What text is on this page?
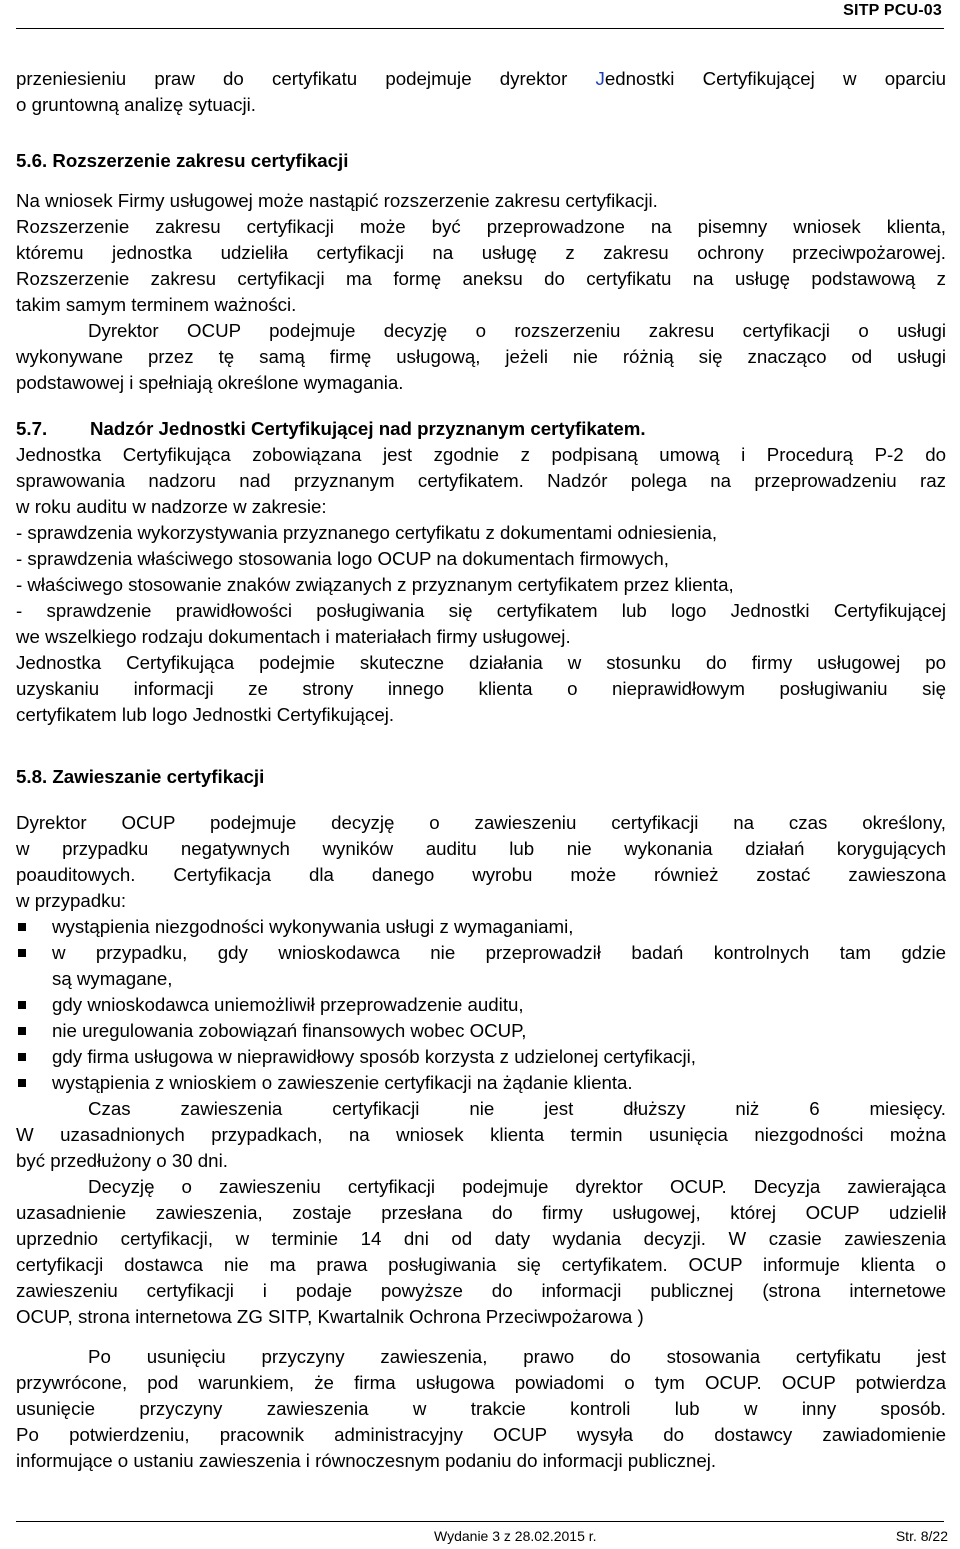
SITP PCU-03
przeniesieniu praw do certyfikatu podejmuje dyrektor Jednostki Certyfikującej w oparciu
o gruntowną analizę sytuacji.
5.6. Rozszerzenie zakresu certyfikacji
Na wniosek Firmy usługowej może nastąpić rozszerzenie zakresu certyfikacji.
Rozszerzenie zakresu certyfikacji może być przeprowadzone na pisemny wniosek klienta,
któremu jednostka udzieliła certyfikacji na usługę z zakresu ochrony przeciwpożarowej.
Rozszerzenie zakresu certyfikacji ma formę aneksu do certyfikatu na usługę podstawową z
takim samym terminem ważności.
Dyrektor OCUP podejmuje decyzję o rozszerzeniu zakresu certyfikacji o usługi
wykonywane przez tę samą firmę usługową, jeżeli nie różnią się znacząco od usługi
podstawowej i spełniają określone wymagania.
5.7. Nadzór Jednostki Certyfikującej nad przyznanym certyfikatem.
Jednostka Certyfikująca zobowiązana jest zgodnie z podpisaną umową i Procedurą P-2 do
sprawowania nadzoru nad przyznanym certyfikatem. Nadzór polega na przeprowadzeniu raz
w roku auditu w nadzorze w zakresie:
- sprawdzenia wykorzystywania przyznanego certyfikatu z dokumentami odniesienia,
- sprawdzenia właściwego stosowania logo OCUP na dokumentach firmowych,
- właściwego stosowanie znaków związanych z przyznanym certyfikatem przez klienta,
- sprawdzenie prawidłowości posługiwania się certyfikatem lub logo Jednostki Certyfikującej
we wszelkiego rodzaju dokumentach i materiałach firmy usługowej.
Jednostka Certyfikująca podejmie skuteczne działania w stosunku do firmy usługowej po
uzyskaniu informacji ze strony innego klienta o nieprawidłowym posługiwaniu się
certyfikatem lub logo Jednostki Certyfikującej.
5.8. Zawieszanie certyfikacji
Dyrektor OCUP podejmuje decyzję o zawieszeniu certyfikacji na czas określony,
w przypadku negatywnych wyników auditu lub nie wykonania działań korygujących
poauditowych. Certyfikacja dla danego wyrobu może również zostać zawieszona
w przypadku:
wystąpienia niezgodności wykonywania usługi z wymaganiami,
w przypadku, gdy wnioskodawca nie przeprowadził badań kontrolnych tam gdzie
są wymagane,
gdy wnioskodawca uniemożliwił przeprowadzenie auditu,
nie uregulowania zobowiązań finansowych wobec OCUP,
gdy firma usługowa w nieprawidłowy sposób korzysta z udzielonej certyfikacji,
wystąpienia z wnioskiem o zawieszenie certyfikacji na żądanie klienta.
Czas zawieszenia certyfikacji nie jest dłuższy niż 6 miesięcy.
W uzasadnionych przypadkach, na wniosek klienta termin usunięcia niezgodności można
być przedłużony o 30 dni.
Decyzję o zawieszeniu certyfikacji podejmuje dyrektor OCUP. Decyzja zawierająca
uzasadnienie zawieszenia, zostaje przesłana do firmy usługowej, której OCUP udzielił
uprzednio certyfikacji, w terminie 14 dni od daty wydania decyzji. W czasie zawieszenia
certyfikacji dostawca nie ma prawa posługiwania się certyfikatem. OCUP informuje klienta o
zawieszeniu certyfikacji i podaje powyższe do informacji publicznej (strona internetowe
OCUP, strona internetowa ZG SITP, Kwartalnik Ochrona Przeciwpożarowa )
Po usunięciu przyczyny zawieszenia, prawo do stosowania certyfikatu jest
przywrócone, pod warunkiem, że firma usługowa powiadomi o tym OCUP. OCUP potwierdza
usunięcie przyczyny zawieszenia w trakcie kontroli lub w inny sposób.
Po potwierdzeniu, pracownik administracyjny OCUP wysyła do dostawcy zawiadomienie
informujące o ustaniu zawieszenia i równoczesnym podaniu do informacji publicznej.
Wydanie 3 z 28.02.2015 r.	Str. 8/22
